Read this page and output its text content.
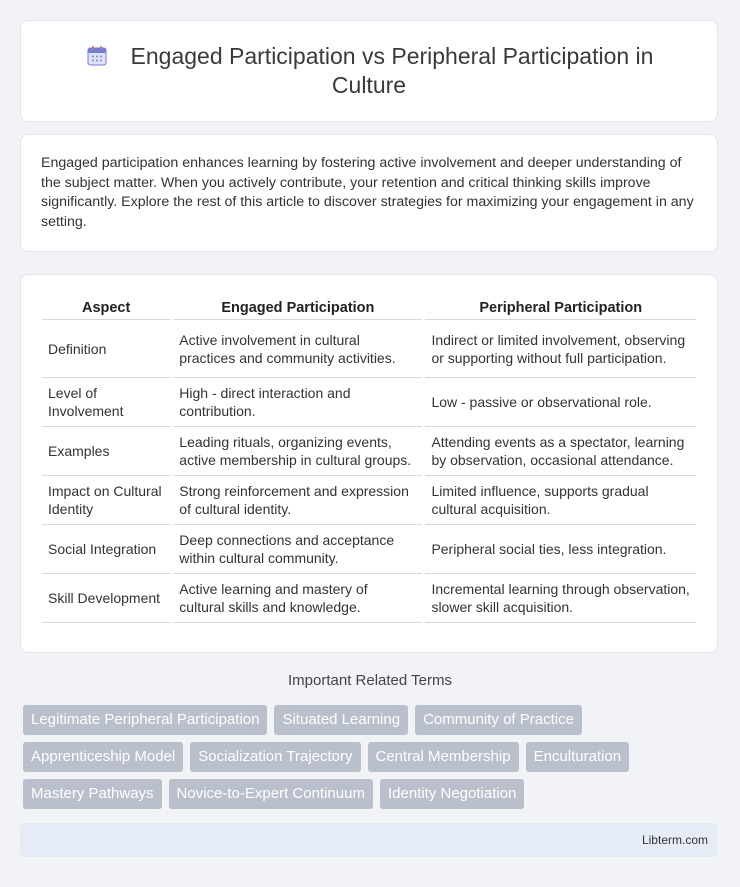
Engaged Participation vs Peripheral Participation in Culture
Engaged participation enhances learning by fostering active involvement and deeper understanding of the subject matter. When you actively contribute, your retention and critical thinking skills improve significantly. Explore the rest of this article to discover strategies for maximizing your engagement in any setting.
Aspect	Engaged Participation	Peripheral Participation
Definition	Active involvement in cultural practices and community activities.	Indirect or limited involvement, observing or supporting without full participation.
Level of Involvement	High - direct interaction and contribution.	Low - passive or observational role.
Examples	Leading rituals, organizing events, active membership in cultural groups.	Attending events as a spectator, learning by observation, occasional attendance.
Impact on Cultural Identity	Strong reinforcement and expression of cultural identity.	Limited influence, supports gradual cultural acquisition.
Social Integration	Deep connections and acceptance within cultural community.	Peripheral social ties, less integration.
Skill Development	Active learning and mastery of cultural skills and knowledge.	Incremental learning through observation, slower skill acquisition.
Important Related Terms
Legitimate Peripheral Participation	Situated Learning	Community of Practice
Apprenticeship Model	Socialization Trajectory	Central Membership	Enculturation
Mastery Pathways	Novice-to-Expert Continuum	Identity Negotiation
Libterm.com
